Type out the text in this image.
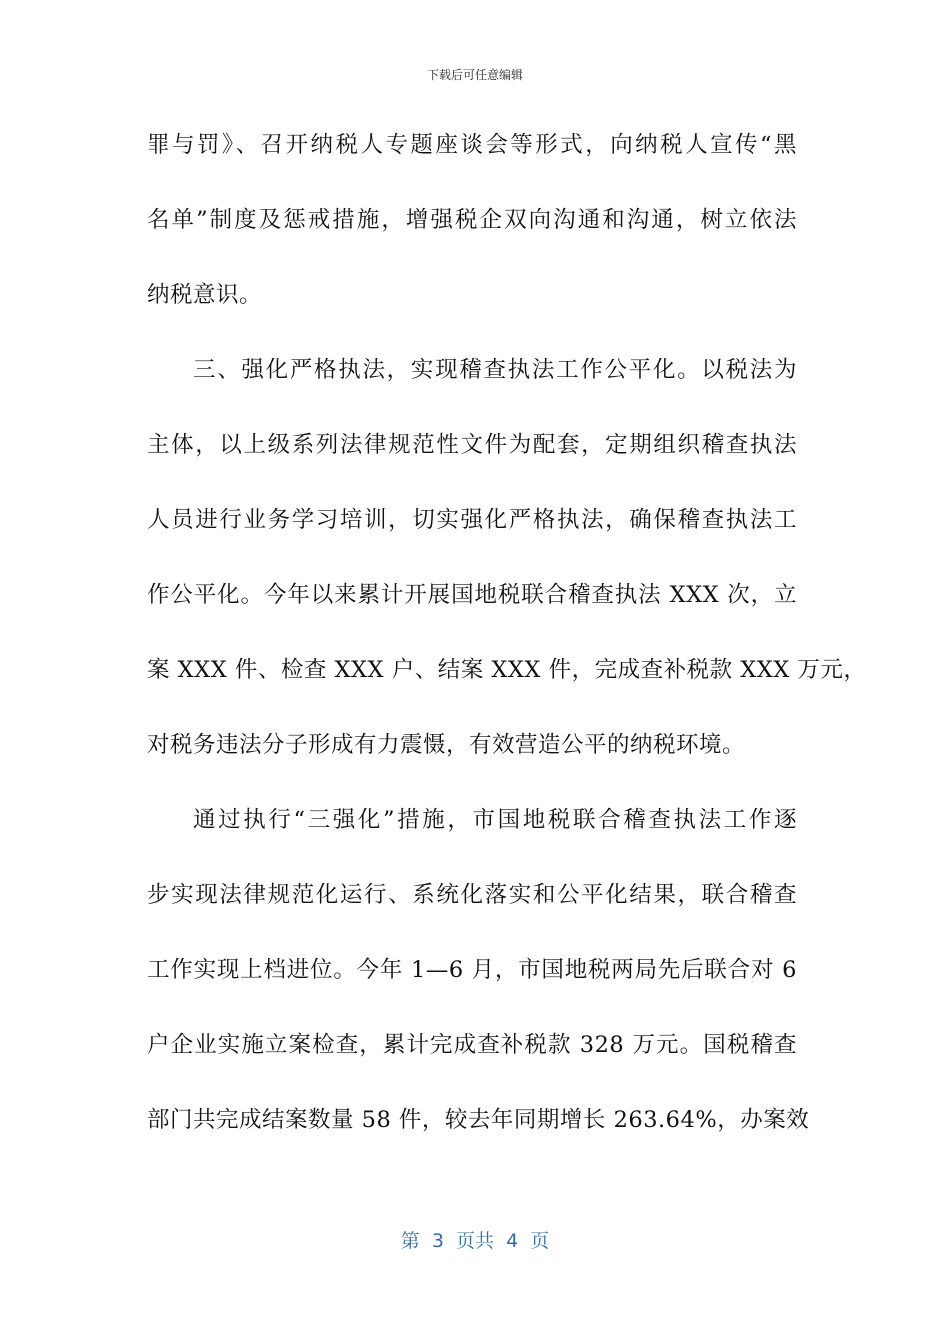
下载后可任意编辑
罪与罚》、召开纳税人专题座谈会等形式，向纳税人宣传“黑
名单”制度及惩戒措施，增强税企双向沟通和沟通，树立依法
纳税意识。
三、强化严格执法，实现稽查执法工作公平化。以税法为
主体，以上级系列法律规范性文件为配套，定期组织稽查执法
人员进行业务学习培训，切实强化严格执法，确保稽查执法工
作公平化。今年以来累计开展国地税联合稽查执法 XXX 次，立
案 XXX 件、检查 XXX 户、结案 XXX 件，完成查补税款 XXX 万元，
对税务违法分子形成有力震慑，有效营造公平的纳税环境。
通过执行“三强化”措施，市国地税联合稽查执法工作逐
步实现法律规范化运行、系统化落实和公平化结果，联合稽查
工作实现上档进位。今年 1—6 月，市国地税两局先后联合对 6
户企业实施立案检查，累计完成查补税款 328 万元。国税稽查
部门共完成结案数量 58 件，较去年同期增长 263.64%，办案效
第  3  页共  4  页
